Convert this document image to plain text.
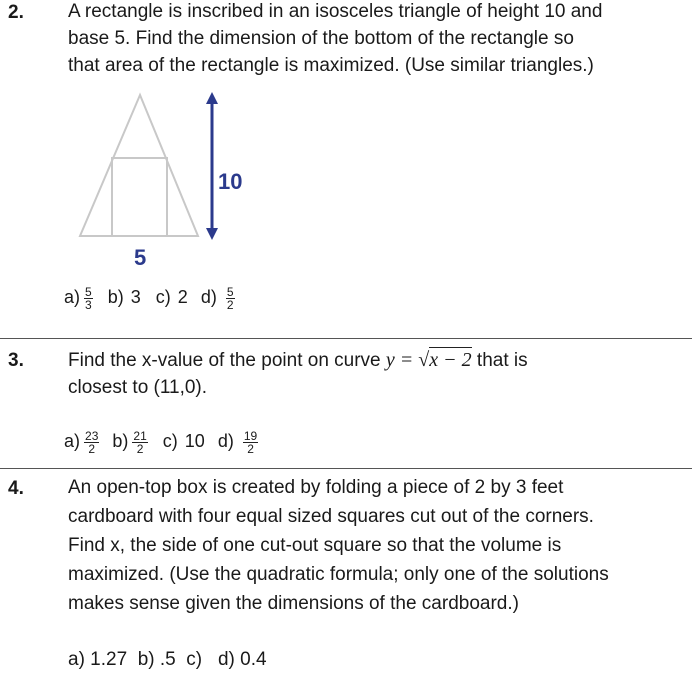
2. A rectangle is inscribed in an isosceles triangle of height 10 and
base 5. Find the dimension of the bottom of the rectangle so
that area of the rectangle is maximized. (Use similar triangles.)
10
5
$a) \frac{5}{3} b$) 3 c) 2 $d) \frac{5}{2}$
3. Find the x-value of the point on curve y = √x − 2 that is
closest to (11,0).
$a) \frac{23}{2} b) \frac{21}{2} c$) 10 $d) \frac{19}{2}$
4. An open-top box is created by folding a piece of 2 by 3 feet
cardboard with four equal sized squares cut out of the corners.
Find x, the side of one cut-out square so that the volume is
maximized. (Use the quadratic formula; only one of the solutions
makes sense given the dimensions of the cardboard.)
a) 1.27  b) .5  c)   d) 0.4
